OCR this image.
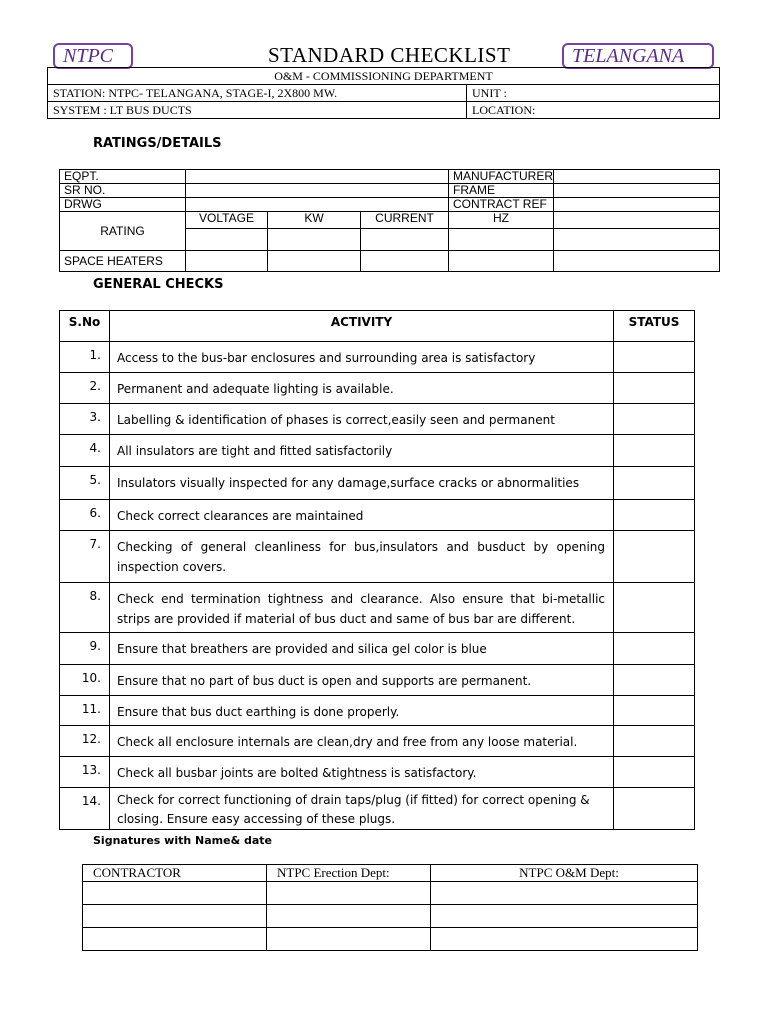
NTPC	STANDARD CHECKLIST	TELANGANA
O&M - COMMISSIONING DEPARTMENT	
STATION: NTPC- TELANGANA, STAGE-I, 2X800 MW.	UNIT :
SYSTEM : LT BUS DUCTS	LOCATION:
RATINGS/DETAILS
EQPT.				MANUFACTURER	
SR NO.				FRAME	
DRWG				CONTRACT REF	
RATING	VOLTAGE	KW	CURRENT	HZ	

SPACE HEATERS					
GENERAL CHECKS
S.No	ACTIVITY	STATUS
1.	Access to the bus-bar enclosures and surrounding area is satisfactory	
2.	Permanent and adequate lighting is available.	
3.	Labelling & identification of phases is correct,easily seen and permanent	
4.	All insulators are tight and fitted satisfactorily	
5.	Insulators visually inspected for any damage,surface cracks or abnormalities	
6.	Check correct clearances are maintained	
7.	Checking of general cleanliness for bus,insulators and busduct by opening inspection covers.	
8.	Check end termination tightness and clearance. Also ensure that bi-metallic strips are provided if material of bus duct and same of bus bar are different.	
9.	Ensure that breathers are provided and silica gel color is blue	
10.	Ensure that no part of bus duct is open and supports are permanent.	
11.	Ensure that bus duct earthing is done properly.	
12.	Check all enclosure internals are clean,dry and free from any loose material.	
13.	Check all busbar joints are bolted &tightness is satisfactory.	
14.	Check for correct functioning of drain taps/plug (if fitted) for correct opening & closing. Ensure easy accessing of these plugs.	
Signatures with Name& date
CONTRACTOR	NTPC Erection Dept:	NTPC O&M Dept:
